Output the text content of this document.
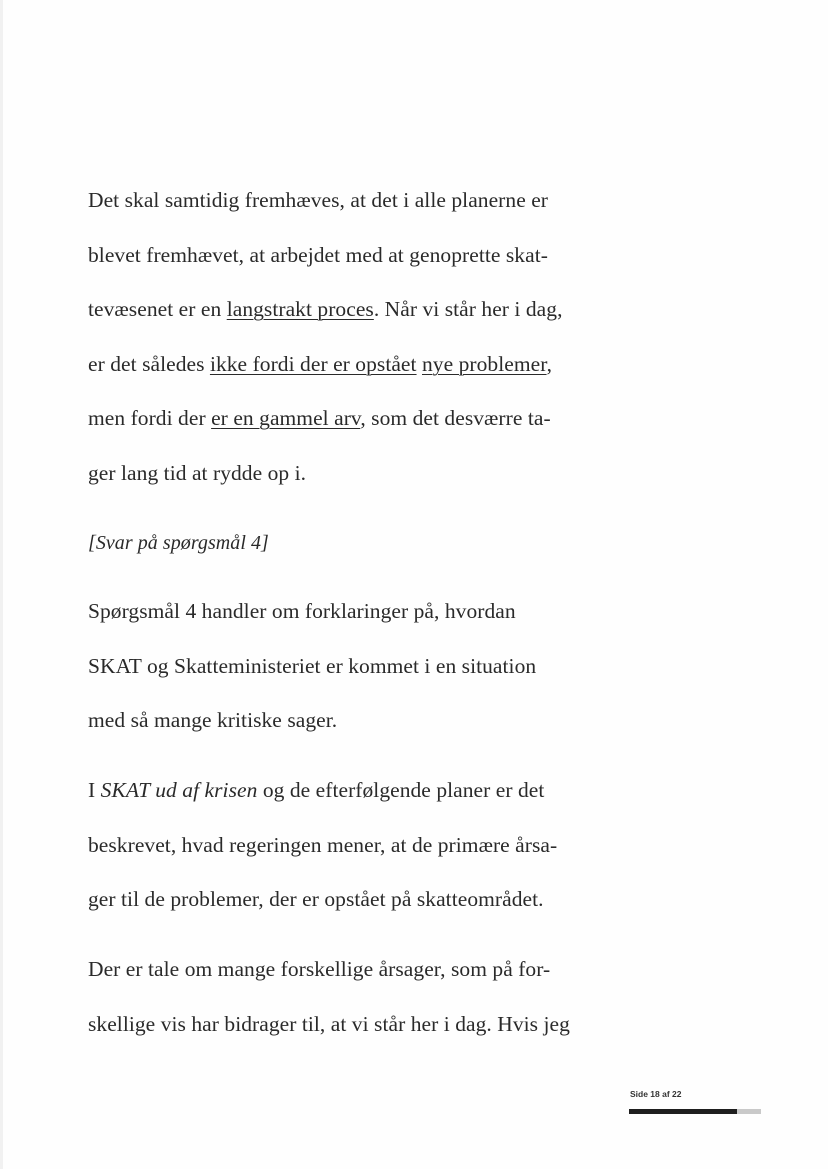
Det skal samtidig fremhæves, at det i alle planerne er
blevet fremhævet, at arbejdet med at genoprette skat-
tevæsenet er en langstrakt proces. Når vi står her i dag,
er det således ikke fordi der er opstået nye problemer,
men fordi der er en gammel arv, som det desværre ta-
ger lang tid at rydde op i.
[Svar på spørgsmål 4]
Spørgsmål 4 handler om forklaringer på, hvordan
SKAT og Skatteministeriet er kommet i en situation
med så mange kritiske sager.
I SKAT ud af krisen og de efterfølgende planer er det
beskrevet, hvad regeringen mener, at de primære årsa-
ger til de problemer, der er opstået på skatteområdet.
Der er tale om mange forskellige årsager, som på for-
skellige vis har bidrager til, at vi står her i dag. Hvis jeg
Side 18 af 22
